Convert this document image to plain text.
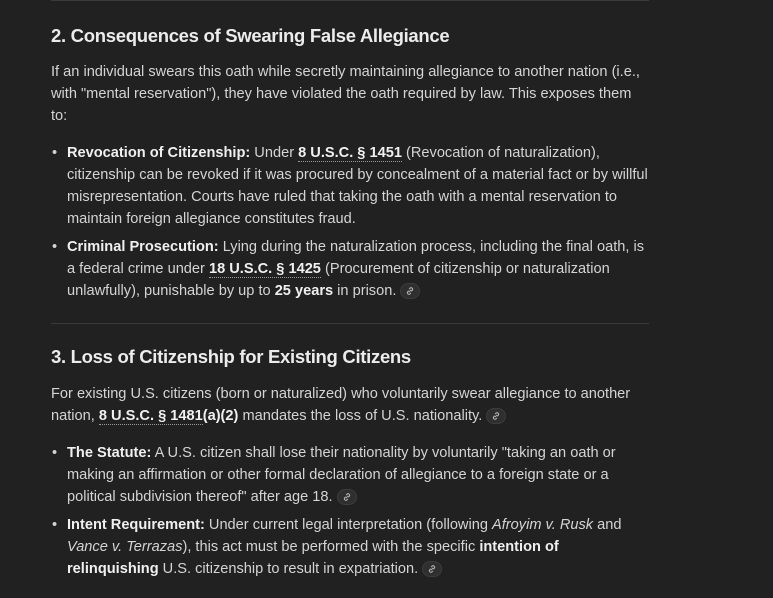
2. Consequences of Swearing False Allegiance

If an individual swears this oath while secretly maintaining allegiance to another nation (i.e., with "mental reservation"), they have violated the oath required by law. This exposes them to:

• Revocation of Citizenship: Under 8 U.S.C. § 1451 (Revocation of naturalization), citizenship can be revoked if it was procured by concealment of a material fact or by willful misrepresentation. Courts have ruled that taking the oath with a mental reservation to maintain foreign allegiance constitutes fraud.
• Criminal Prosecution: Lying during the naturalization process, including the final oath, is a federal crime under 18 U.S.C. § 1425 (Procurement of citizenship or naturalization unlawfully), punishable by up to 25 years in prison.
3. Loss of Citizenship for Existing Citizens

For existing U.S. citizens (born or naturalized) who voluntarily swear allegiance to another nation, 8 U.S.C. § 1481(a)(2) mandates the loss of U.S. nationality.

• The Statute: A U.S. citizen shall lose their nationality by voluntarily "taking an oath or making an affirmation or other formal declaration of allegiance to a foreign state or a political subdivision thereof" after age 18.
• Intent Requirement: Under current legal interpretation (following Afroyim v. Rusk and Vance v. Terrazas), this act must be performed with the specific intention of relinquishing U.S. citizenship to result in expatriation.
